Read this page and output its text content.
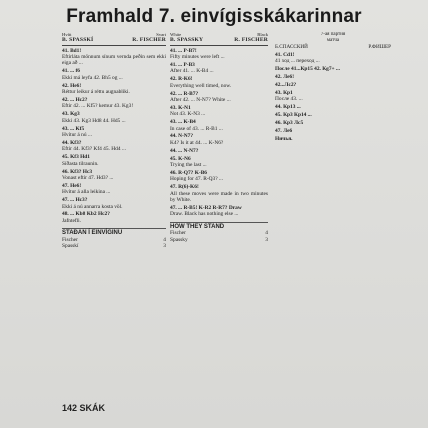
Framhald 7. einvígisskákarinnar
Hvítt	Svart
B. SPASSKÍ	R. FISCHER
41. Bd1!
Eftirláta mönnum sínum vernda peðin sem ekki eiga að ...
41. ... f6
Ekki má leyfa 42. Bh5 og ...
42. He6!
Réttur leikur á réttu augnabliki.
42. ... Hc2?
Eftir 42. ... Kf5? kemur 43. Kg3!
43. Kg3
Ekki 43. Kg3 Hd8 44. Hd5 ...
43. ... Kf5
Hvítur á nú ...
44. Kf3?
Eftir 44. Kf3? Kf4 45. Hd4 ...
45. Kf3 Hd1
Síðasta tilraunin.
46. Kf3? Hc3
Vonast eftir 47. Hd3? ...
47. He6!
Hvítur á alla leikina ...
47. ... Hc3?
Ekki á nú annarra kosta völ.
48. ... Kb8 Kb2 Hc2?
Jafntefli.
STAÐAN Í EINVÍGINU
Fischer	4
Spasskí	3
White	Black
B. SPASSKY	R. FISCHER
41. ... P-B7!
Fifty minutes were left ...
41. ... P-B3
After 41. ... K-B4 ...
42. R-K6!
Everything well timed, now.
42. ... R-B7?
After 42. ... N-N7? White ...
43. K-N1
Not 43. K-N3 ...
43. ... K-B4
In case of 43. ... R-B1 ...
44. N-N7?
K4? Is it at 44. ... K-N6?
44. ... N-N7?
45. K-N6
Trying the last ...
46. R-Q7? K-B6
Hoping for 47. R-Q3? ...
47. R(6)-K6!
All these moves were made in two minutes by White.
47. ... R-B5! K-R2 R-R7? Draw
Draw. Black has nothing else ...
HOW THEY STAND
Fischer	4
Spassky	3
7-ая партия
матча
Б.СПАССКИЙ	Р.ФИШЕР
41. Сd1!
41 ход ... переход ...
После 41...Кр15 42. Кg7+ ...
42. Лe6!
42...Лc2?
43. Кр1
После 43. ...
44. Кр13 ...
45. Кр3 Кр14 ...
46. Кр3 Лc5
47. Лe6
Ничья.
142 SKÁK
